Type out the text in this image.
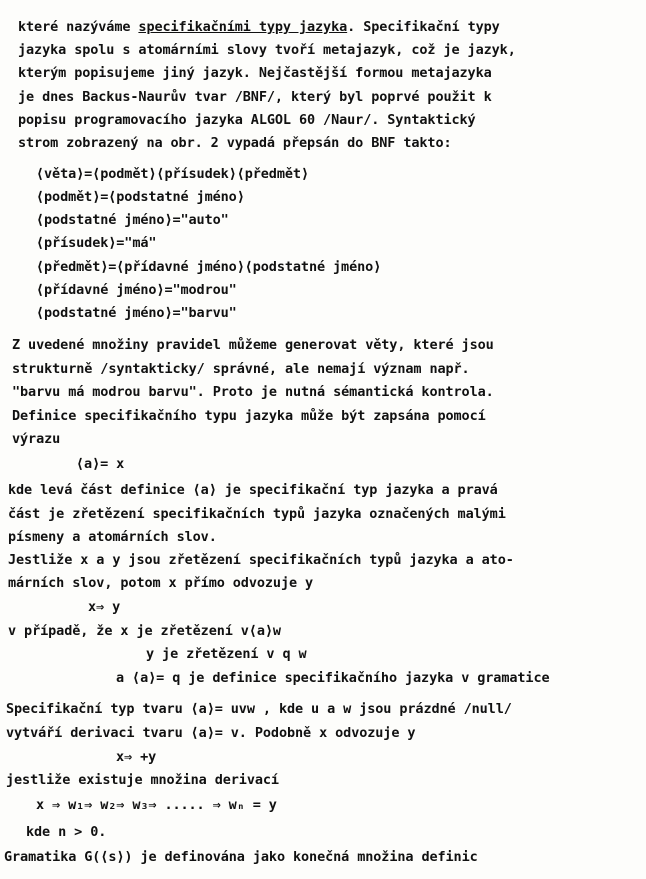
které nazýváme specifikačními typy jazyka. Specifikační typy
jazyka spolu s atomárními slovy tvoří metajazyk, což je jazyk,
kterým popisujeme jiný jazyk. Nejčastější formou metajazyka
je dnes Backus-Naurův tvar /BNF/, který byl poprvé použit k
popisu programovacího jazyka ALGOL 60 /Naur/. Syntaktický
strom zobrazený na obr. 2 vypadá přepsán do BNF takto:
⟨věta⟩=⟨podmět⟩⟨přísudek⟩⟨předmět⟩
⟨podmět⟩=⟨podstatné jméno⟩
⟨podstatné jméno⟩="auto"
⟨přísudek⟩="má"
⟨předmět⟩=⟨přídavné jméno⟩⟨podstatné jméno⟩
⟨přídavné jméno⟩="modrou"
⟨podstatné jméno⟩="barvu"
Z uvedené množiny pravidel můžeme generovat věty, které jsou
strukturně /syntakticky/ správné, ale nemají význam např.
"barvu má modrou barvu". Proto je nutná sémantická kontrola.
Definice specifikačního typu jazyka může být zapsána pomocí
výrazu
⟨a⟩= x
kde levá část definice ⟨a⟩ je specifikační typ jazyka a pravá
část je zřetězení specifikačních typů jazyka označených malými
písmeny a atomárních slov.
Jestliže x a y jsou zřetězení specifikačních typů jazyka a ato-
márních slov, potom x přímo odvozuje y
x⇒ y
v případě, že x je zřetězení v⟨a⟩w
y je zřetězení v q w
a ⟨a⟩= q je definice specifikačního jazyka v gramatice
Specifikační typ tvaru ⟨a⟩= uvw , kde u a w jsou prázdné /null/
vytváří derivaci tvaru ⟨a⟩= v. Podobně x odvozuje y
x⇒ +y
jestliže existuje množina derivací
x ⇒ w₁⇒ w₂⇒ w₃⇒ ..... ⇒ wₙ = y
kde n > 0.
Gramatika G(⟨s⟩) je definována jako konečná množina definic
